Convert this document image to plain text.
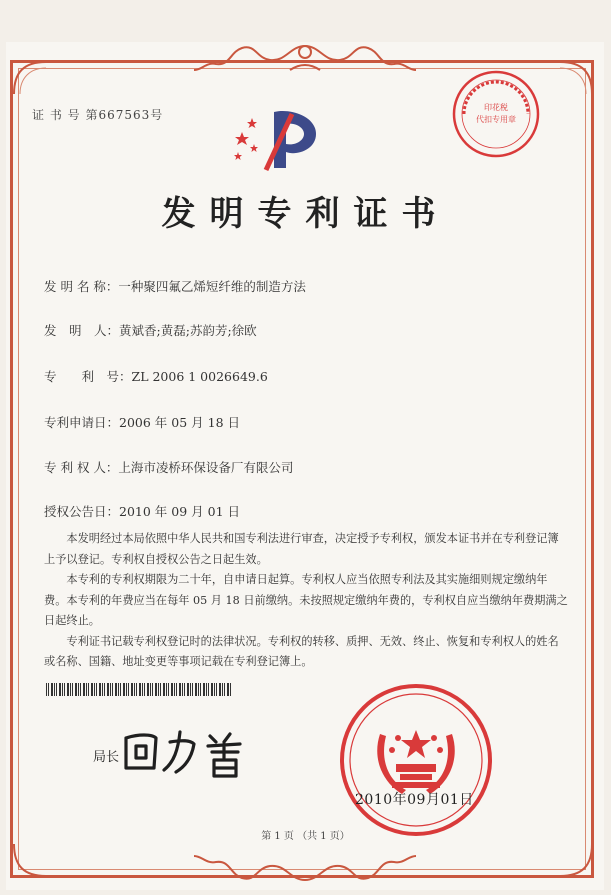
证 书 号 第667563号
印花税
代扣专用章
发明专利证书
发 明 名 称：一种聚四氟乙烯短纤维的制造方法
发　明　人：黄斌香;黄磊;苏韵芳;徐欧
专　　利　号：ZL 2006 1 0026649.6
专利申请日：2006 年 05 月 18 日
专 利 权 人：上海市凌桥环保设备厂有限公司
授权公告日：2010 年 09 月 01 日

本发明经过本局依照中华人民共和国专利法进行审查，决定授予专利权，颁发本证书并在专利登记簿上予以登记。专利权自授权公告之日起生效。

本专利的专利权期限为二十年，自申请日起算。专利权人应当依照专利法及其实施细则规定缴纳年费。本专利的年费应当在每年 05 月 18 日前缴纳。未按照规定缴纳年费的，专利权自应当缴纳年费期满之日起终止。

专利证书记载专利权登记时的法律状况。专利权的转移、质押、无效、终止、恢复和专利权人的姓名或名称、国籍、地址变更等事项记载在专利登记簿上。

局长
2010年09月01日
第 1 页 （共 1 页）
